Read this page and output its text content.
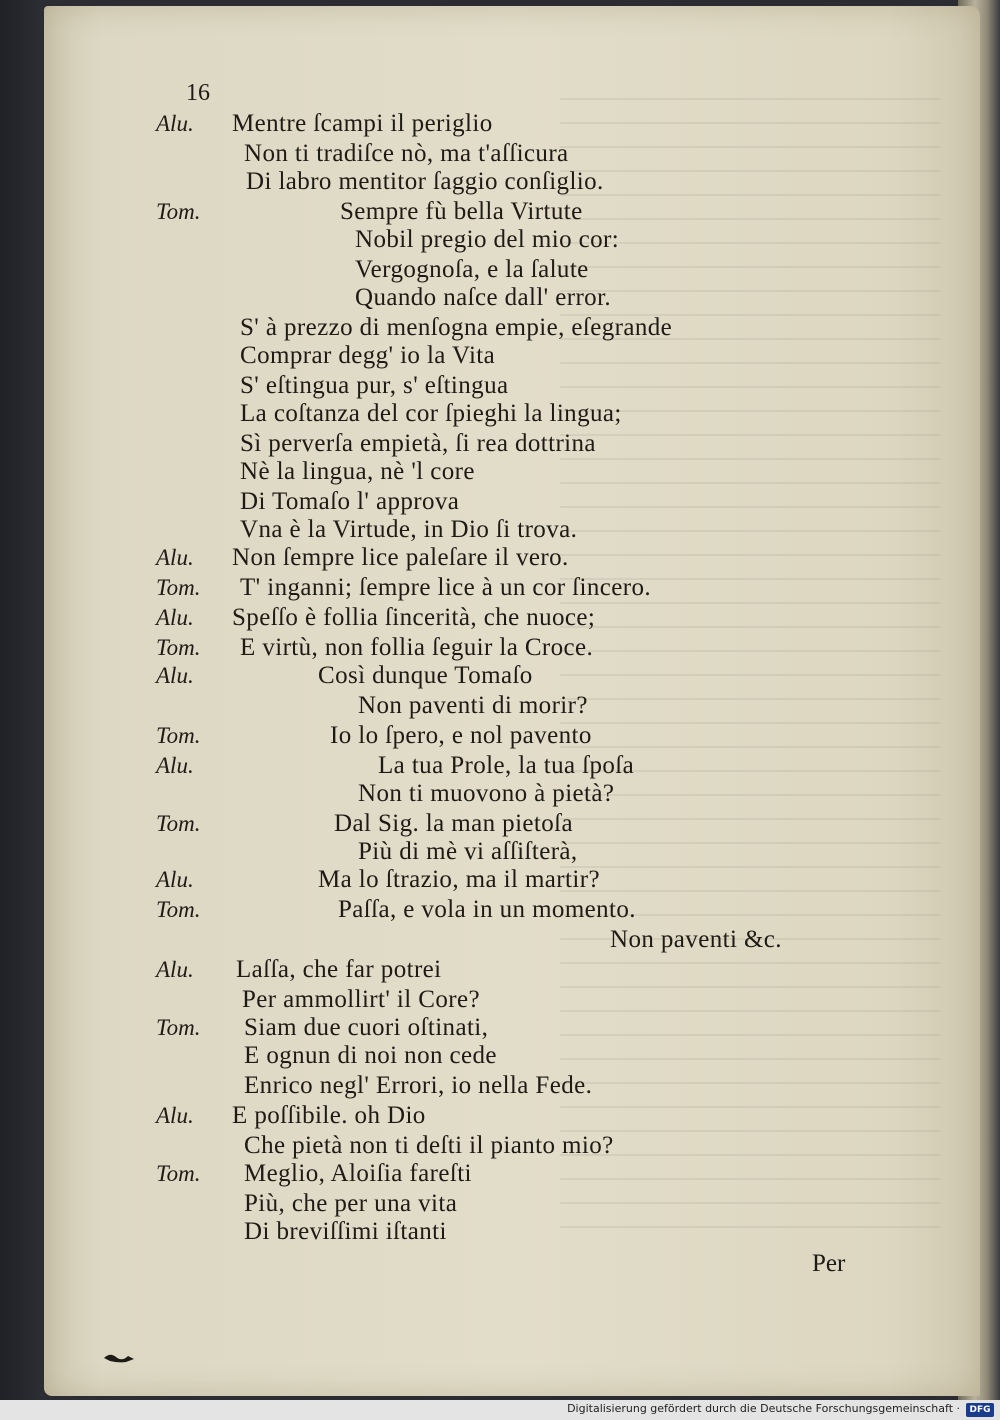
16
Alu. Mentre ſcampi il periglio
Non ti tradiſce nò, ma t'aſſicura
Di labro mentitor ſaggio conſiglio.
Tom.	Sempre fù bella Virtute
Nobil pregio del mio cor:
Vergognoſa, e la ſalute
Quando naſce dall' error.
S' à prezzo di menſogna empie, eſegrande
Comprar degg' io la Vita
S' eſtingua pur, s' eſtingua
La coſtanza del cor ſpieghi la lingua;
Sì perverſa empietà, ſi rea dottrina
Nè la lingua, nè 'l core
Di Tomaſo l' approva
Vna è la Virtude, in Dio ſi trova.
Alu. Non ſempre lice paleſare il vero.
Tom. T' inganni; ſempre lice à un cor ſincero.
Alu. Speſſo è follia ſincerità, che nuoce;
Tom. E virtù, non follia ſeguir la Croce.
Alu.	Così dunque Tomaſo
Non paventi di morir?
Tom.	Io lo ſpero, e nol pavento
Alu.	La tua Prole, la tua ſpoſa
Non ti muovono à pietà?
Tom.	Dal Sig. la man pietoſa
Più di mè vi aſſiſterà,
Alu.	Ma lo ſtrazio, ma il martir?
Tom.	Paſſa, e vola in un momento.
Non paventi &c.
Alu. Laſſa, che far potrei
Per ammollirt' il Core?
Tom. Siam due cuori oſtinati,
E ognun di noi non cede
Enrico negl' Errori, io nella Fede.
Alu. E poſſibile. oh Dio
Che pietà non ti deſti il pianto mio?
Tom. Meglio, Aloiſia fareſti
Più, che per una vita
Di breviſſimi iſtanti
Per
Digitalisierung gefördert durch die Deutsche Forschungsgemeinschaft ·	DFG
